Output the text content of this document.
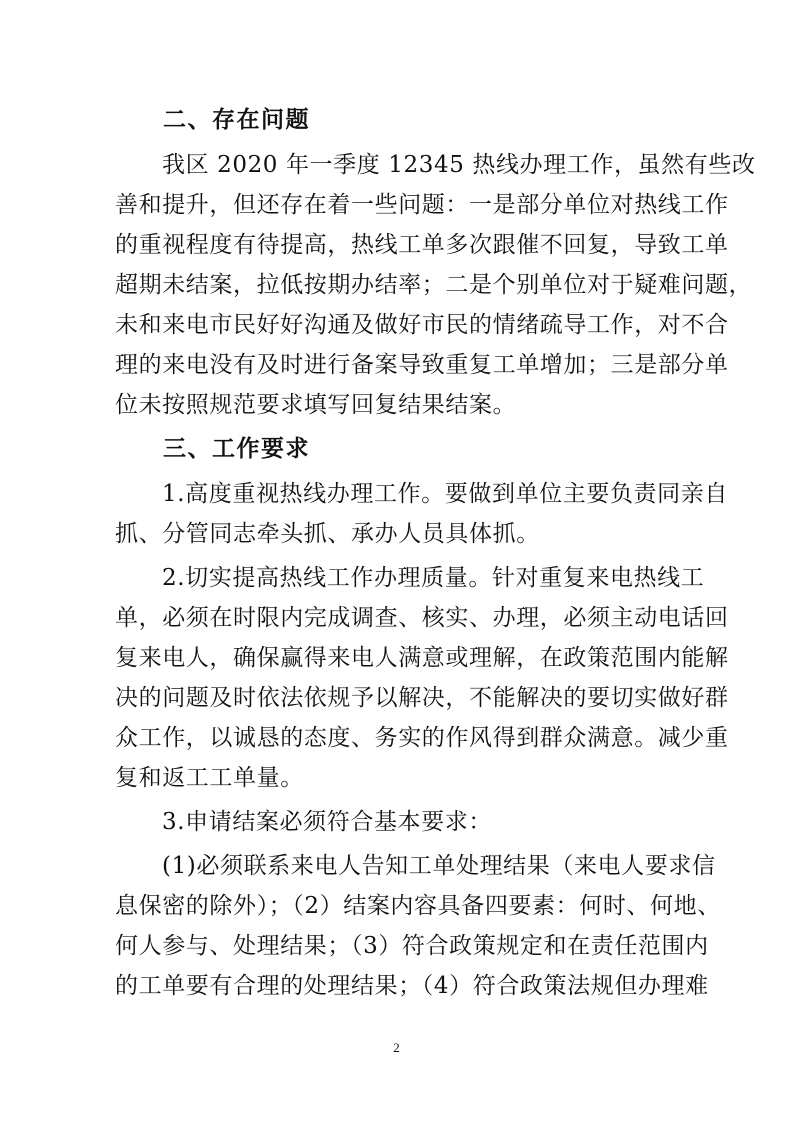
二、存在问题
我区 2020 年一季度 12345 热线办理工作，虽然有些改
善和提升，但还存在着一些问题：一是部分单位对热线工作
的重视程度有待提高，热线工单多次跟催不回复，导致工单
超期未结案，拉低按期办结率；二是个别单位对于疑难问题，
未和来电市民好好沟通及做好市民的情绪疏导工作，对不合
理的来电没有及时进行备案导致重复工单增加；三是部分单
位未按照规范要求填写回复结果结案。
三、工作要求
1.高度重视热线办理工作。要做到单位主要负责同亲自
抓、分管同志牵头抓、承办人员具体抓。
2.切实提高热线工作办理质量。针对重复来电热线工
单，必须在时限内完成调查、核实、办理，必须主动电话回
复来电人，确保赢得来电人满意或理解，在政策范围内能解
决的问题及时依法依规予以解决，不能解决的要切实做好群
众工作，以诚恳的态度、务实的作风得到群众满意。减少重
复和返工工单量。
3.申请结案必须符合基本要求：
(1)必须联系来电人告知工单处理结果（来电人要求信
息保密的除外）；（2）结案内容具备四要素：何时、何地、
何人参与、处理结果；（3）符合政策规定和在责任范围内
的工单要有合理的处理结果；（4）符合政策法规但办理难
2
